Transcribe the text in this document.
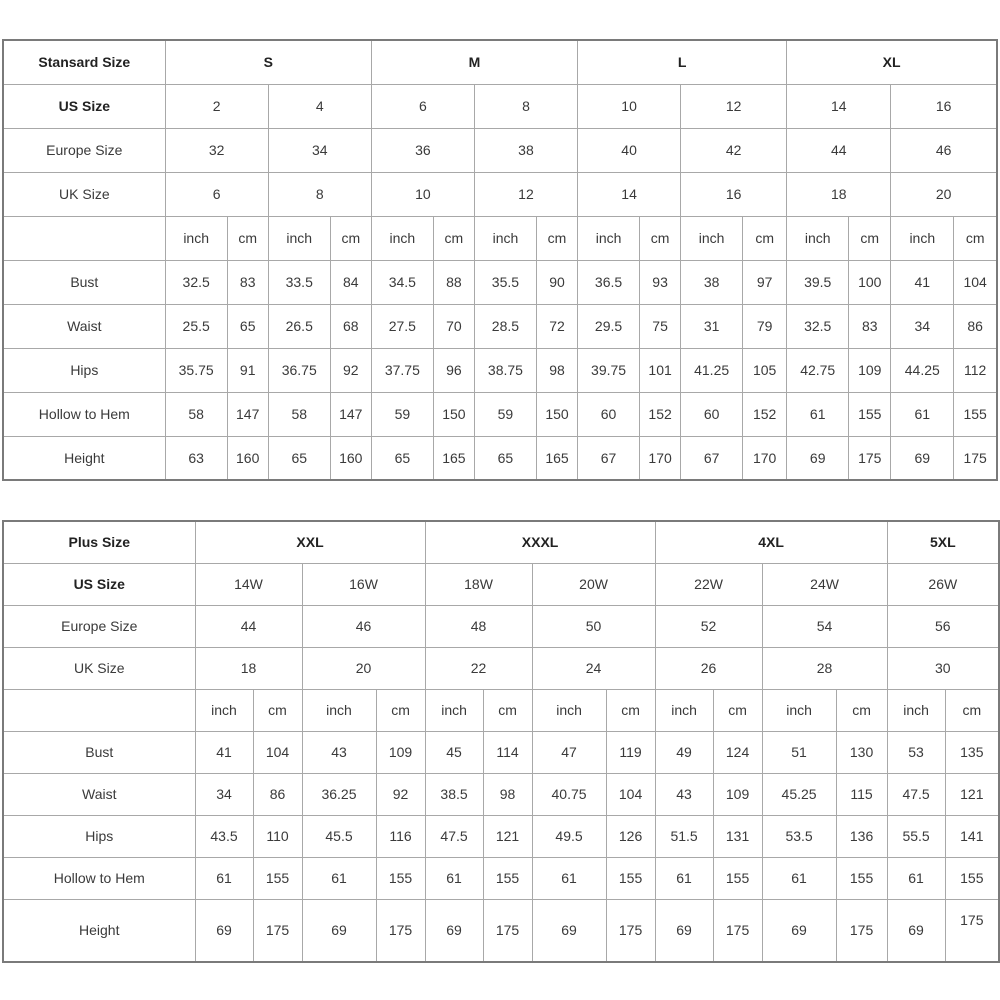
Stansard Size	S				M				L				XL			
US Size	2		4		6		8		10		12		14		16	
Europe Size	32		34		36		38		40		42		44		46	
UK Size	6		8		10		12		14		16		18		20	
	inch	cm	inch	cm	inch	cm	inch	cm	inch	cm	inch	cm	inch	cm	inch	cm
Bust	32.5	83	33.5	84	34.5	88	35.5	90	36.5	93	38	97	39.5	100	41	104
Waist	25.5	65	26.5	68	27.5	70	28.5	72	29.5	75	31	79	32.5	83	34	86
Hips	35.75	91	36.75	92	37.75	96	38.75	98	39.75	101	41.25	105	42.75	109	44.25	112
Hollow to Hem	58	147	58	147	59	150	59	150	60	152	60	152	61	155	61	155
Height	63	160	65	160	65	165	65	165	67	170	67	170	69	175	69	175
Plus Size	XXL				XXXL				4XL				5XL	
US Size	14W		16W		18W		20W		22W		24W		26W	
Europe Size	44		46		48		50		52		54		56	
UK Size	18		20		22		24		26		28		30	
	inch	cm	inch	cm	inch	cm	inch	cm	inch	cm	inch	cm	inch	cm
Bust	41	104	43	109	45	114	47	119	49	124	51	130	53	135
Waist	34	86	36.25	92	38.5	98	40.75	104	43	109	45.25	115	47.5	121
Hips	43.5	110	45.5	116	47.5	121	49.5	126	51.5	131	53.5	136	55.5	141
Hollow to Hem	61	155	61	155	61	155	61	155	61	155	61	155	61	155
Height	69	175	69	175	69	175	69	175	69	175	69	175	69	175
